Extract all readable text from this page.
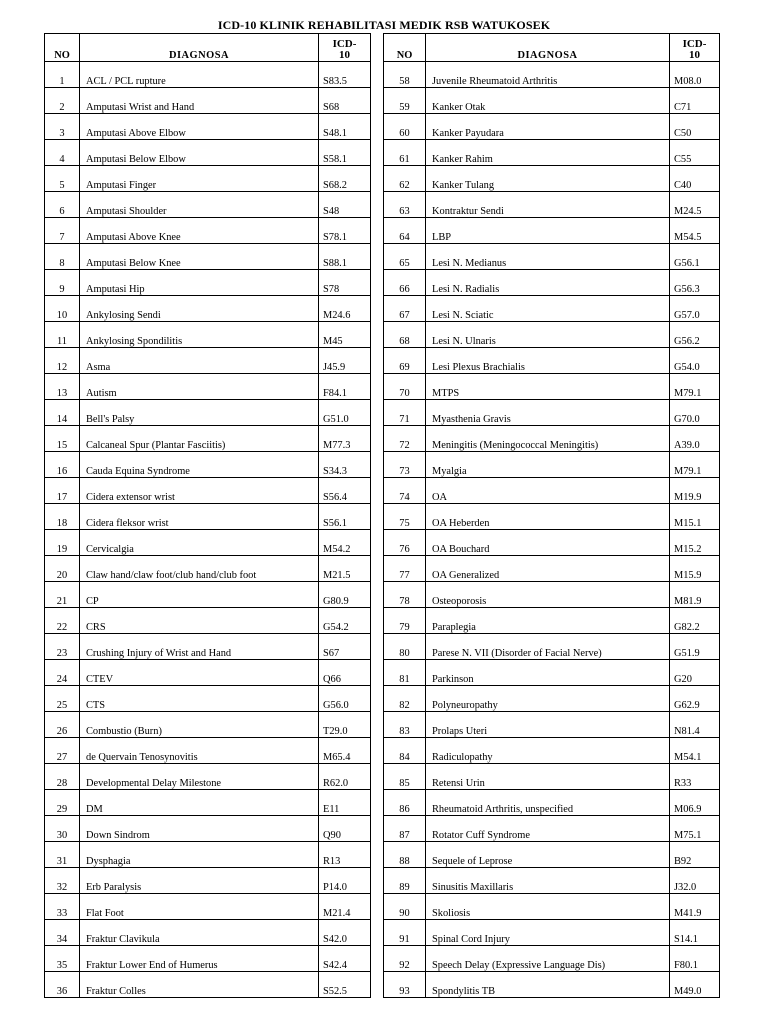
ICD-10 KLINIK REHABILITASI MEDIK RSB WATUKOSEK
NO	DIAGNOSA	ICD-
10
1	ACL / PCL rupture	S83.5
2	Amputasi Wrist and Hand	S68
3	Amputasi Above Elbow	S48.1
4	Amputasi Below Elbow	S58.1
5	Amputasi Finger	S68.2
6	Amputasi Shoulder	S48
7	Amputasi Above Knee	S78.1
8	Amputasi Below Knee	S88.1
9	Amputasi Hip	S78
10	Ankylosing Sendi	M24.6
11	Ankylosing Spondilitis	M45
12	Asma	J45.9
13	Autism	F84.1
14	Bell's Palsy	G51.0
15	Calcaneal Spur (Plantar Fasciitis)	M77.3
16	Cauda Equina Syndrome	S34.3
17	Cidera extensor wrist	S56.4
18	Cidera fleksor wrist	S56.1
19	Cervicalgia	M54.2
20	Claw hand/claw foot/club hand/club foot	M21.5
21	CP	G80.9
22	CRS	G54.2
23	Crushing Injury of Wrist and Hand	S67
24	CTEV	Q66
25	CTS	G56.0
26	Combustio (Burn)	T29.0
27	de Quervain Tenosynovitis	M65.4
28	Developmental Delay Milestone	R62.0
29	DM	E11
30	Down Sindrom	Q90
31	Dysphagia	R13
32	Erb Paralysis	P14.0
33	Flat Foot	M21.4
34	Fraktur Clavikula	S42.0
35	Fraktur Lower End of Humerus	S42.4
36	Fraktur Colles	S52.5
NO	DIAGNOSA	ICD-
10
58	Juvenile Rheumatoid Arthritis	M08.0
59	Kanker Otak	C71
60	Kanker Payudara	C50
61	Kanker Rahim	C55
62	Kanker Tulang	C40
63	Kontraktur Sendi	M24.5
64	LBP	M54.5
65	Lesi N. Medianus	G56.1
66	Lesi N. Radialis	G56.3
67	Lesi N. Sciatic	G57.0
68	Lesi N. Ulnaris	G56.2
69	Lesi Plexus Brachialis	G54.0
70	MTPS	M79.1
71	Myasthenia Gravis	G70.0
72	Meningitis (Meningococcal Meningitis)	A39.0
73	Myalgia	M79.1
74	OA	M19.9
75	OA Heberden	M15.1
76	OA Bouchard	M15.2
77	OA Generalized	M15.9
78	Osteoporosis	M81.9
79	Paraplegia	G82.2
80	Parese N. VII (Disorder of Facial Nerve)	G51.9
81	Parkinson	G20
82	Polyneuropathy	G62.9
83	Prolaps Uteri	N81.4
84	Radiculopathy	M54.1
85	Retensi Urin	R33
86	Rheumatoid Arthritis, unspecified	M06.9
87	Rotator Cuff Syndrome	M75.1
88	Sequele of Leprose	B92
89	Sinusitis Maxillaris	J32.0
90	Skoliosis	M41.9
91	Spinal Cord Injury	S14.1
92	Speech Delay (Expressive Language Dis)	F80.1
93	Spondylitis TB	M49.0
